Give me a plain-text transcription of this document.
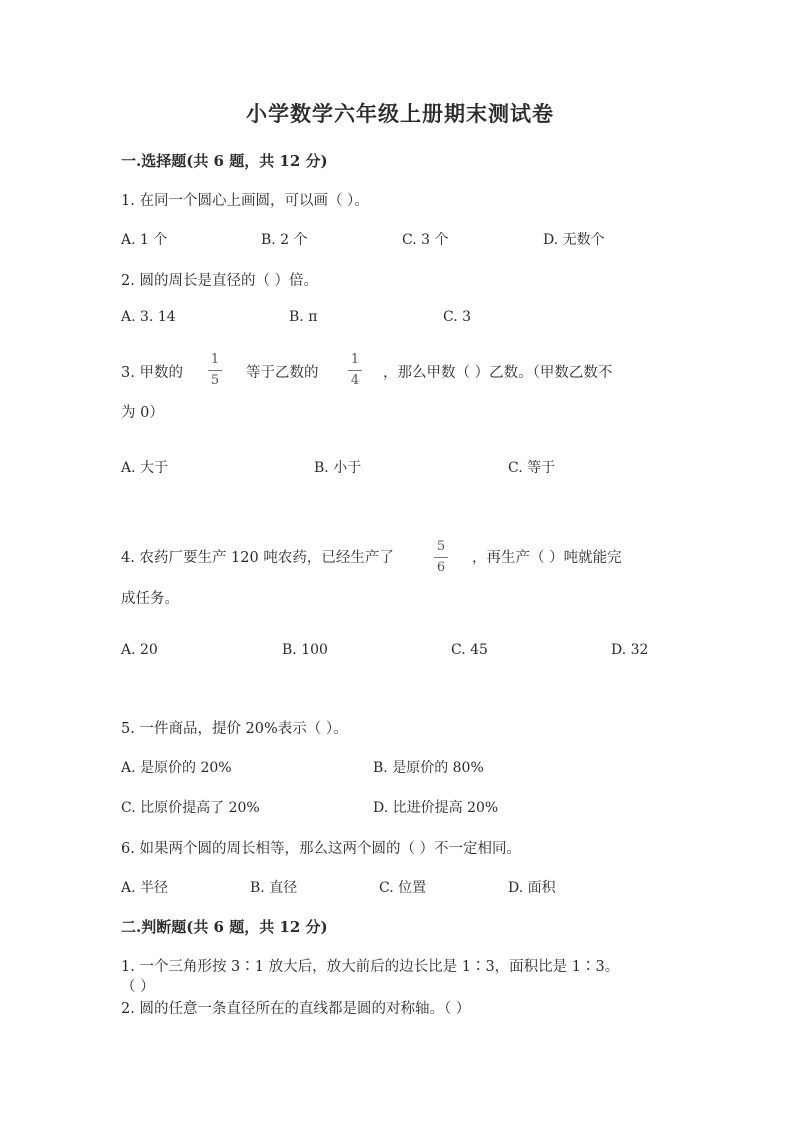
小学数学六年级上册期末测试卷
一.选择题(共 6 题，共 12 分)
1. 在同一个圆心上画圆，可以画（ ）。
A. 1 个	B. 2 个	C. 3 个	D. 无数个
2. 圆的周长是直径的（ ）倍。
A. 3. 14	B. π	C. 3
3. 甲数的
1
5 等于乙数的
1
4 ，那么甲数（ ）乙数。（甲数乙数不
为 0）
A. 大于	B. 小于	C. 等于
4. 农药厂要生产 120 吨农药，已经生产了
5
6
，再生产（ ）吨就能完
成任务。
A. 20	B. 100	C. 45	D. 32
5. 一件商品，提价 20%表示（ ）。
A. 是原价的 20%	B. 是原价的 80%
C. 比原价提高了 20%	D. 比进价提高 20%
6. 如果两个圆的周长相等，那么这两个圆的（ ）不一定相同。
A. 半径	B. 直径	C. 位置	D. 面积
二.判断题(共 6 题，共 12 分)
1. 一个三角形按 3∶1 放大后，放大前后的边长比是 1∶3，面积比是 1∶3。
（ ）
2. 圆的任意一条直径所在的直线都是圆的对称轴。（ ）
